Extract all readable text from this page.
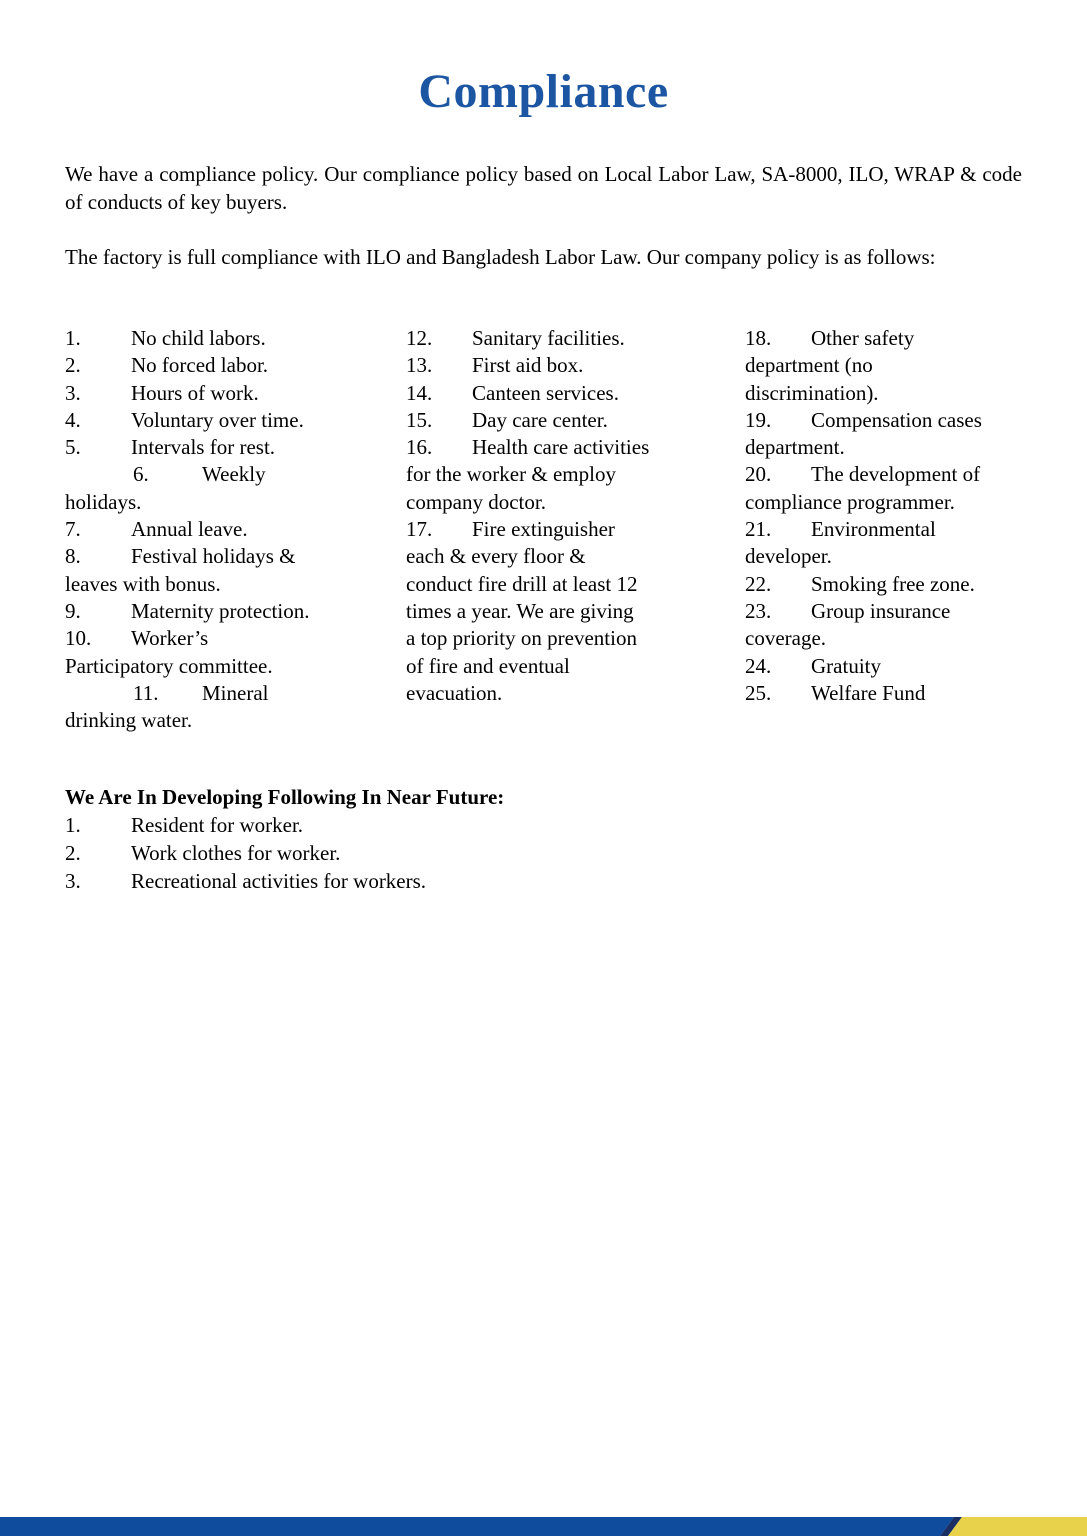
Compliance

We have a compliance policy. Our compliance policy based on Local Labor Law, SA-8000, ILO, WRAP & code of conducts of key buyers.

The factory is full compliance with ILO and Bangladesh Labor Law. Our company policy is as follows:

1. No child labors.
2. No forced labor.
3. Hours of work.
4. Voluntary over time.
5. Intervals for rest.
6.	Weekly
holidays.
7. Annual leave.
8. Festival holidays &
leaves with bonus.
9. Maternity protection.
10. Worker’s
Participatory committee.
11. Mineral
drinking water.
12. Sanitary facilities.
13. First aid box.
14. Canteen services.
15. Day care center.
16. Health care activities
for the worker & employ
company doctor.
17. Fire extinguisher
each & every floor &
conduct fire drill at least 12
times a year. We are giving
a top priority on prevention
of fire and eventual
evacuation.
18. Other safety
department (no
discrimination).
19. Compensation cases
department.
20. The development of
compliance programmer.
21. Environmental
developer.
22. Smoking free zone.
23. Group insurance
coverage.
24. Gratuity
25. Welfare Fund

We Are In Developing Following In Near Future:

1. Resident for worker.
2. Work clothes for worker.
3. Recreational activities for workers.
